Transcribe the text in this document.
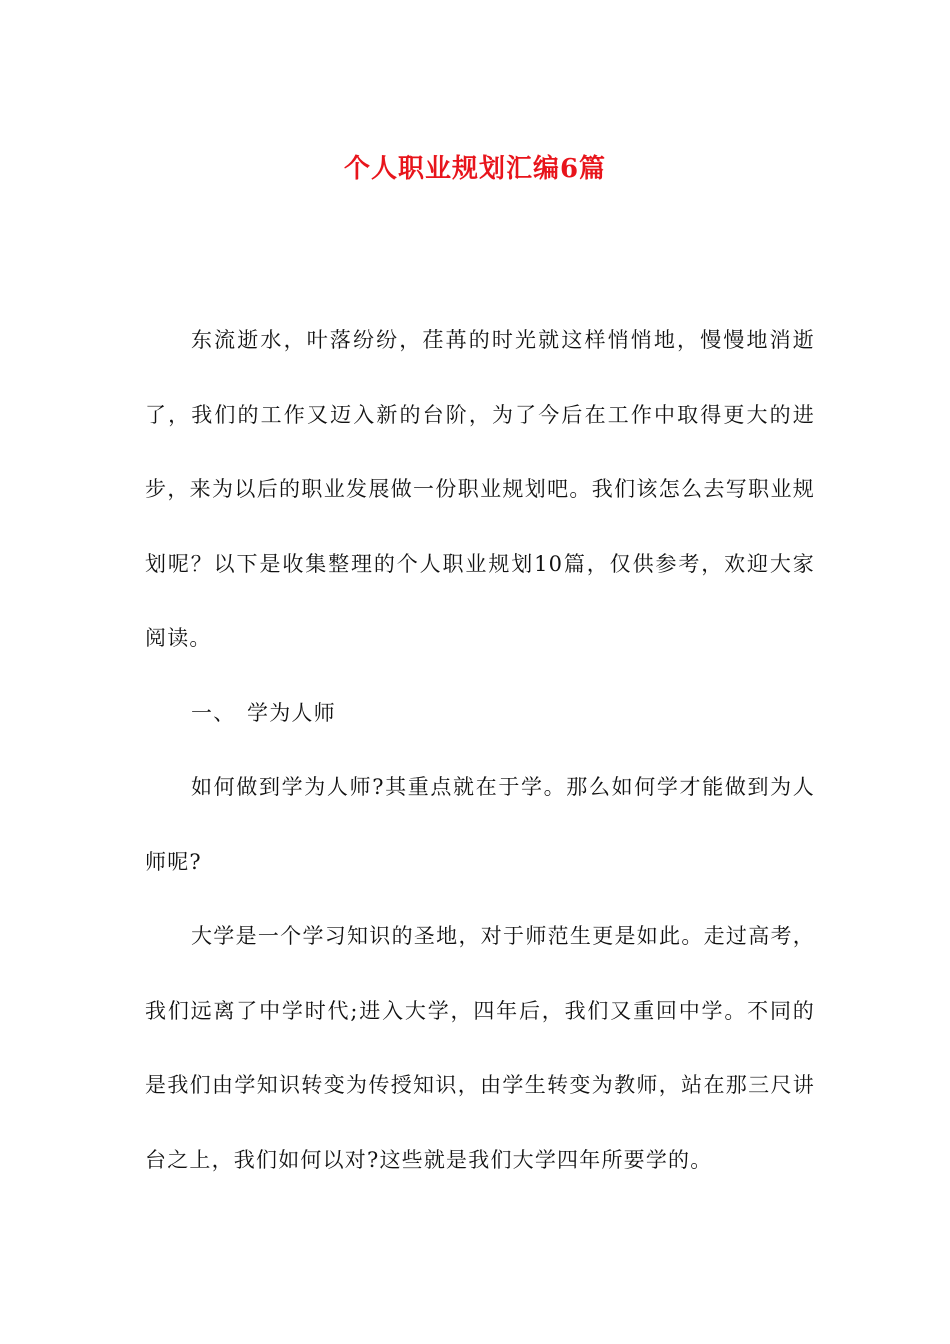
个人职业规划汇编6篇

东流逝水，叶落纷纷，荏苒的时光就这样悄悄地，慢慢地消逝了，我们的工作又迈入新的台阶，为了今后在工作中取得更大的进步，来为以后的职业发展做一份职业规划吧。我们该怎么去写职业规划呢？以下是收集整理的个人职业规划10篇，仅供参考，欢迎大家阅读。

一、 学为人师

如何做到学为人师?其重点就在于学。那么如何学才能做到为人师呢?

大学是一个学习知识的圣地，对于师范生更是如此。走过高考，我们远离了中学时代;进入大学，四年后，我们又重回中学。不同的是我们由学知识转变为传授知识，由学生转变为教师，站在那三尺讲台之上，我们如何以对?这些就是我们大学四年所要学的。
